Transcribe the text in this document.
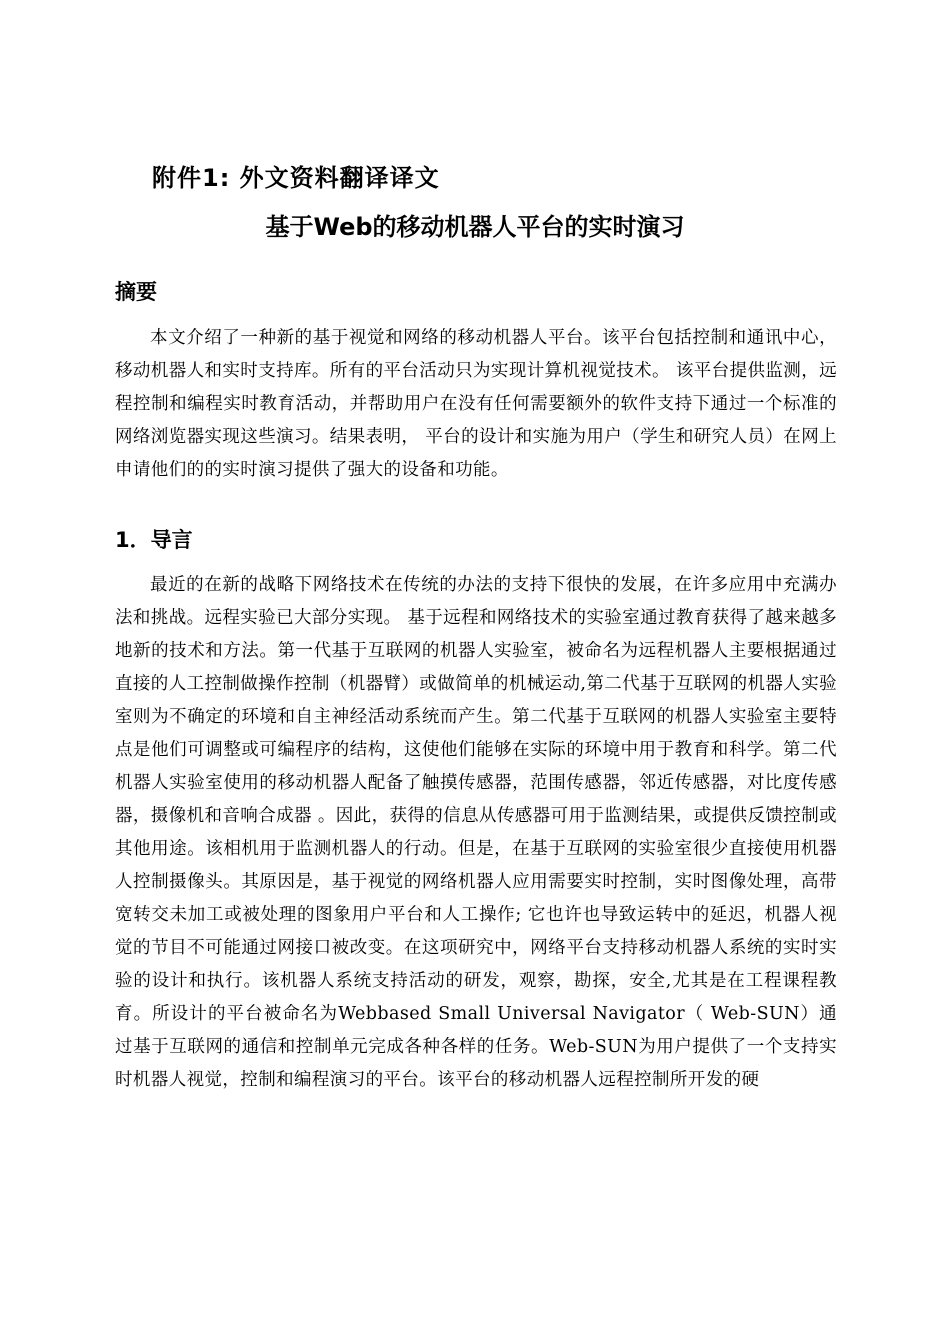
附件1: 外文资料翻译译文
基于Web的移动机器人平台的实时演习
摘要

本文介绍了一种新的基于视觉和网络的移动机器人平台。该平台包括控制和通讯中心，移动机器人和实时支持库。所有的平台活动只为实现计算机视觉技术。 该平台提供监测，远程控制和编程实时教育活动，并帮助用户在没有任何需要额外的软件支持下通过一个标准的网络浏览器实现这些演习。结果表明， 平台的设计和实施为用户（学生和研究人员）在网上申请他们的的实时演习提供了强大的设备和功能。

1．导言

最近的在新的战略下网络技术在传统的办法的支持下很快的发展，在许多应用中充满办法和挑战。远程实验已大部分实现。 基于远程和网络技术的实验室通过教育获得了越来越多地新的技术和方法。第一代基于互联网的机器人实验室，被命名为远程机器人主要根据通过直接的人工控制做操作控制（机器臂）或做简单的机械运动,第二代基于互联网的机器人实验室则为不确定的环境和自主神经活动系统而产生。第二代基于互联网的机器人实验室主要特点是他们可调整或可编程序的结构，这使他们能够在实际的环境中用于教育和科学。第二代机器人实验室使用的移动机器人配备了触摸传感器，范围传感器，邻近传感器，对比度传感器，摄像机和音响合成器 。因此，获得的信息从传感器可用于监测结果，或提供反馈控制或其他用途。该相机用于监测机器人的行动。但是，在基于互联网的实验室很少直接使用机器人控制摄像头。其原因是，基于视觉的网络机器人应用需要实时控制，实时图像处理，高带宽转交未加工或被处理的图象用户平台和人工操作; 它也许也导致运转中的延迟，机器人视觉的节目不可能通过网接口被改变。在这项研究中，网络平台支持移动机器人系统的实时实验的设计和执行。该机器人系统支持活动的研发，观察，勘探，安全,尤其是在工程课程教育。所设计的平台被命名为Webbased Small Universal Navigator（ Web-SUN）通过基于互联网的通信和控制单元完成各种各样的任务。Web-SUN为用户提供了一个支持实时机器人视觉，控制和编程演习的平台。该平台的移动机器人远程控制所开发的硬
